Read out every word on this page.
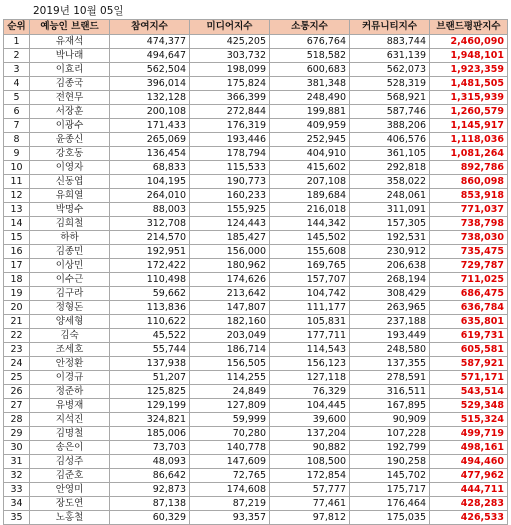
2019년 10월 05일
순위	예능인 브랜드	참여지수	미디어지수	소통지수	커뮤니티지수	브랜드평판지수
1	유재석	474,377	425,205	676,764	883,744	2,460,090
2	박나래	494,647	303,732	518,582	631,139	1,948,101
3	이효리	562,504	198,099	600,683	562,073	1,923,359
4	김종국	396,014	175,824	381,348	528,319	1,481,505
5	전현무	132,128	366,399	248,490	568,921	1,315,939
6	서장훈	200,108	272,844	199,881	587,746	1,260,579
7	이광수	171,433	176,319	409,959	388,206	1,145,917
8	윤종신	265,069	193,446	252,945	406,576	1,118,036
9	강호동	136,454	178,794	404,910	361,105	1,081,264
10	이영자	68,833	115,533	415,602	292,818	892,786
11	신동엽	104,195	190,773	207,108	358,022	860,098
12	유희열	264,010	160,233	189,684	248,061	853,918
13	박명수	88,003	155,925	216,018	311,091	771,037
14	김희철	312,708	124,443	144,342	157,305	738,798
15	하하	214,570	185,427	145,502	192,531	738,030
16	김종민	192,951	156,000	155,608	230,912	735,475
17	이상민	172,422	180,962	169,765	206,638	729,787
18	이수근	110,498	174,626	157,707	268,194	711,025
19	김구라	59,662	213,642	104,742	308,429	686,475
20	정형돈	113,836	147,807	111,177	263,965	636,784
21	양세형	110,622	182,160	105,831	237,188	635,801
22	김숙	45,522	203,049	177,711	193,449	619,731
23	조세호	55,744	186,714	114,543	248,580	605,581
24	안정환	137,938	156,505	156,123	137,355	587,921
25	이경규	51,207	114,255	127,118	278,591	571,171
26	정준하	125,825	24,849	76,329	316,511	543,514
27	유병재	129,199	127,809	104,445	167,895	529,348
28	지석진	324,821	59,999	39,600	90,909	515,324
29	김명철	185,006	70,280	137,204	107,228	499,719
30	송은이	73,703	140,778	90,882	192,799	498,161
31	김성주	48,093	147,609	108,500	190,258	494,460
32	김준호	86,642	72,765	172,854	145,702	477,962
33	안영미	92,873	174,608	57,777	175,717	444,711
34	장도연	87,138	87,219	77,461	176,464	428,283
35	노홍철	60,329	93,357	97,812	175,035	426,533
